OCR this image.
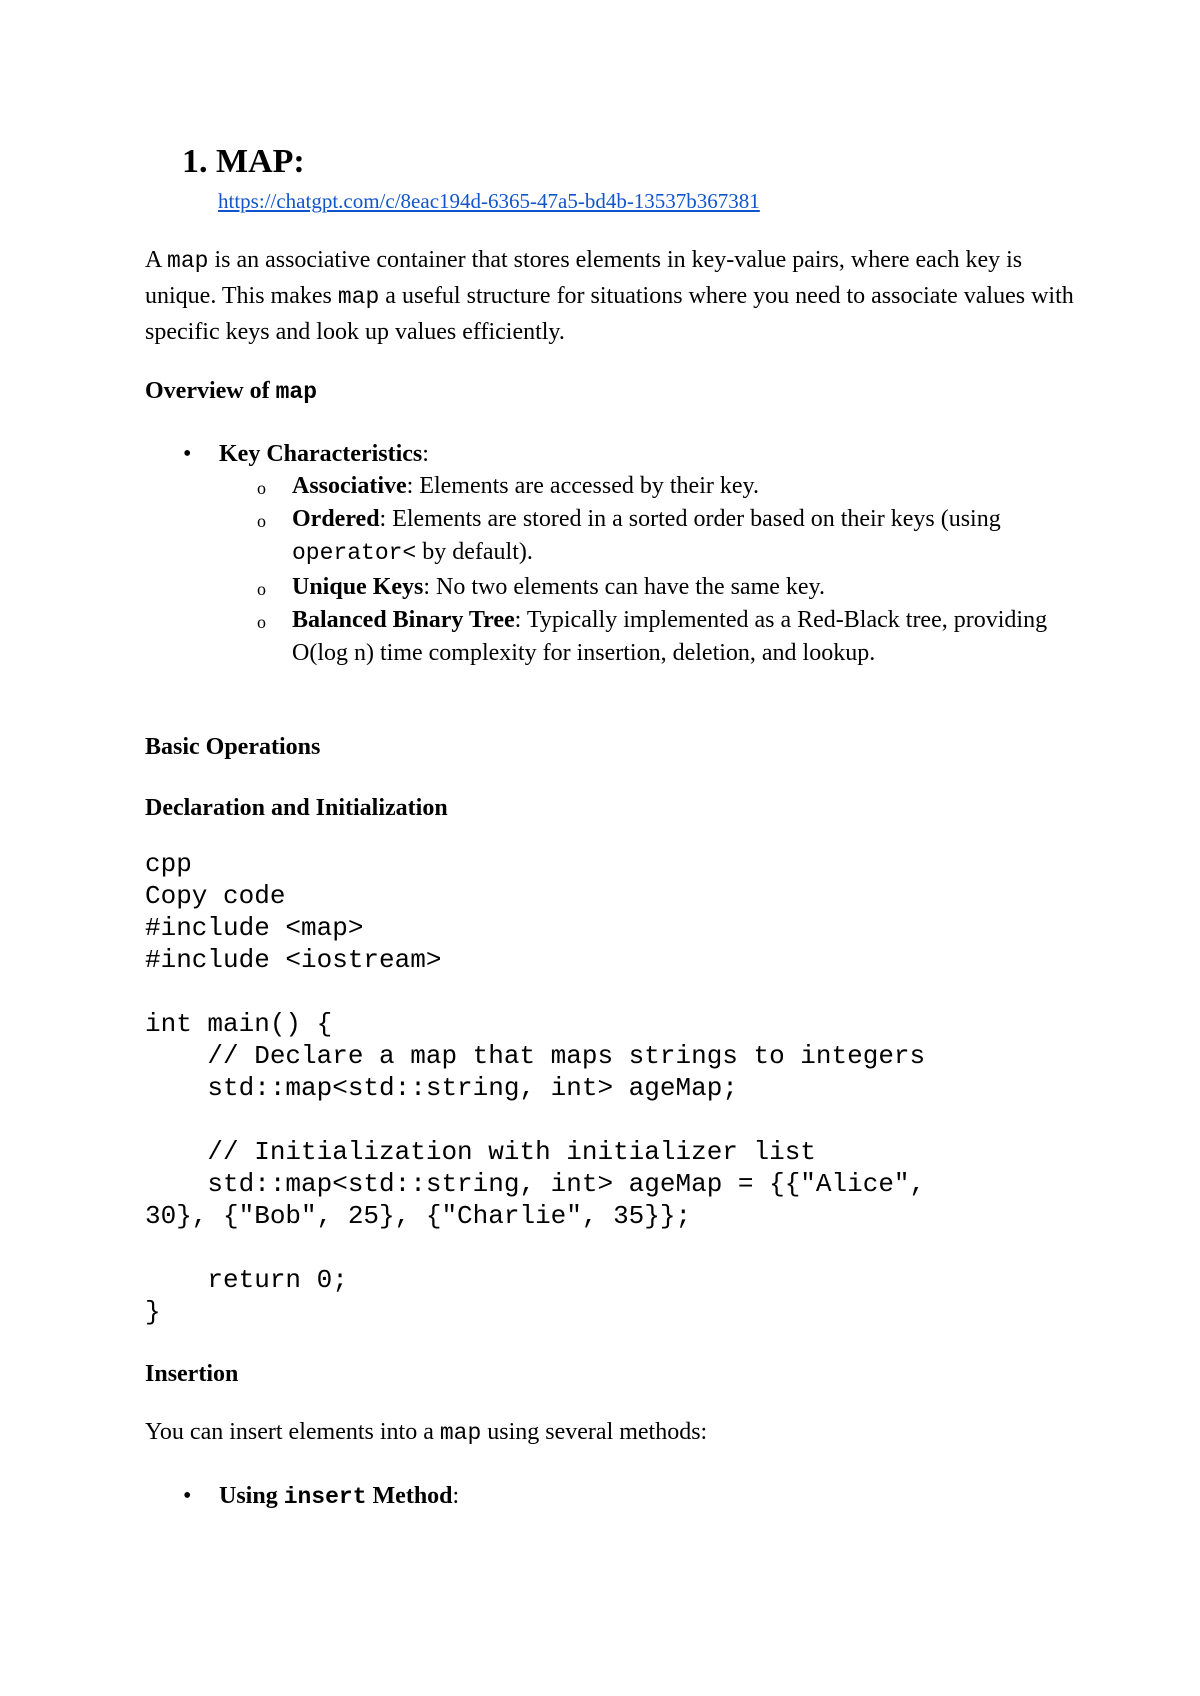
1. MAP:
https://chatgpt.com/c/8eac194d-6365-47a5-bd4b-13537b367381
A map is an associative container that stores elements in key-value pairs, where each key is unique. This makes map a useful structure for situations where you need to associate values with specific keys and look up values efficiently.
Overview of map
• Key Characteristics:
o Associative: Elements are accessed by their key.
o Ordered: Elements are stored in a sorted order based on their keys (using operator< by default).
o Unique Keys: No two elements can have the same key.
o Balanced Binary Tree: Typically implemented as a Red-Black tree, providing O(log n) time complexity for insertion, deletion, and lookup.
Basic Operations
Declaration and Initialization
cpp
Copy code
#include <map>
#include <iostream>
int main() {
// Declare a map that maps strings to integers
std::map<std::string, int> ageMap;
// Initialization with initializer list
std::map<std::string, int> ageMap = {{"Alice",
30}, {"Bob", 25}, {"Charlie", 35}};
return 0;
}
Insertion
You can insert elements into a map using several methods:
• Using insert Method:
